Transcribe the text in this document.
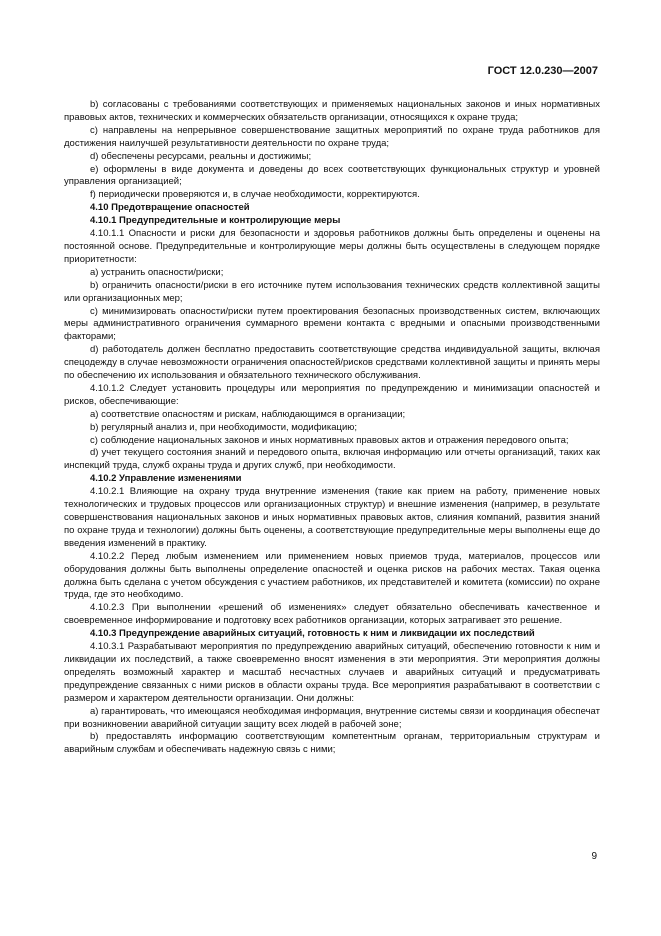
ГОСТ 12.0.230—2007

b) согласованы с требованиями соответствующих и применяемых национальных законов и иных нормативных правовых актов, технических и коммерческих обязательств организации, относящихся к охране труда;

с) направлены на непрерывное совершенствование защитных мероприятий по охране труда работников для достижения наилучшей результативности деятельности по охране труда;

d) обеспечены ресурсами, реальны и достижимы;

е) оформлены в виде документа и доведены до всех соответствующих функциональных структур и уровней управления организацией;

f) периодически проверяются и, в случае необходимости, корректируются.

4.10 Предотвращение опасностей

4.10.1 Предупредительные и контролирующие меры

4.10.1.1 Опасности и риски для безопасности и здоровья работников должны быть определены и оценены на постоянной основе. Предупредительные и контролирующие меры должны быть осуществлены в следующем порядке приоритетности:

а) устранить опасности/риски;

b) ограничить опасности/риски в его источнике путем использования технических средств коллективной защиты или организационных мер;

с) минимизировать опасности/риски путем проектирования безопасных производственных систем, включающих меры административного ограничения суммарного времени контакта с вредными и опасными производственными факторами;

d) работодатель должен бесплатно предоставить соответствующие средства индивидуальной защиты, включая спецодежду в случае невозможности ограничения опасностей/рисков средствами коллективной защиты и принять меры по обеспечению их использования и обязательного технического обслуживания.

4.10.1.2 Следует установить процедуры или мероприятия по предупреждению и минимизации опасностей и рисков, обеспечивающие:

а) соответствие опасностям и рискам, наблюдающимся в организации;

b) регулярный анализ и, при необходимости, модификацию;

с) соблюдение национальных законов и иных нормативных правовых актов и отражения передового опыта;

d) учет текущего состояния знаний и передового опыта, включая информацию или отчеты организаций, таких как инспекций труда, служб охраны труда и других служб, при необходимости.

4.10.2 Управление изменениями

4.10.2.1 Влияющие на охрану труда внутренние изменения (такие как прием на работу, применение новых технологических и трудовых процессов или организационных структур) и внешние изменения (например, в результате совершенствования национальных законов и иных нормативных правовых актов, слияния компаний, развития знаний по охране труда и технологии) должны быть оценены, а соответствующие предупредительные меры выполнены еще до введения изменений в практику.

4.10.2.2 Перед любым изменением или применением новых приемов труда, материалов, процессов или оборудования должны быть выполнены определение опасностей и оценка рисков на рабочих местах. Такая оценка должна быть сделана с учетом обсуждения с участием работников, их представителей и комитета (комиссии) по охране труда, где это необходимо.

4.10.2.3 При выполнении «решений об изменениях» следует обязательно обеспечивать качественное и своевременное информирование и подготовку всех работников организации, которых затрагивает это решение.

4.10.3 Предупреждение аварийных ситуаций, готовность к ним и ликвидации их последствий

4.10.3.1 Разрабатывают мероприятия по предупреждению аварийных ситуаций, обеспечению готовности к ним и ликвидации их последствий, а также своевременно вносят изменения в эти мероприятия. Эти мероприятия должны определять возможный характер и масштаб несчастных случаев и аварийных ситуаций и предусматривать предупреждение связанных с ними рисков в области охраны труда. Все мероприятия разрабатывают в соответствии с размером и характером деятельности организации. Они должны:

а) гарантировать, что имеющаяся необходимая информация, внутренние системы связи и координация обеспечат при возникновении аварийной ситуации защиту всех людей в рабочей зоне;

b) предоставлять информацию соответствующим компетентным органам, территориальным структурам и аварийным службам и обеспечивать надежную связь с ними;

9
